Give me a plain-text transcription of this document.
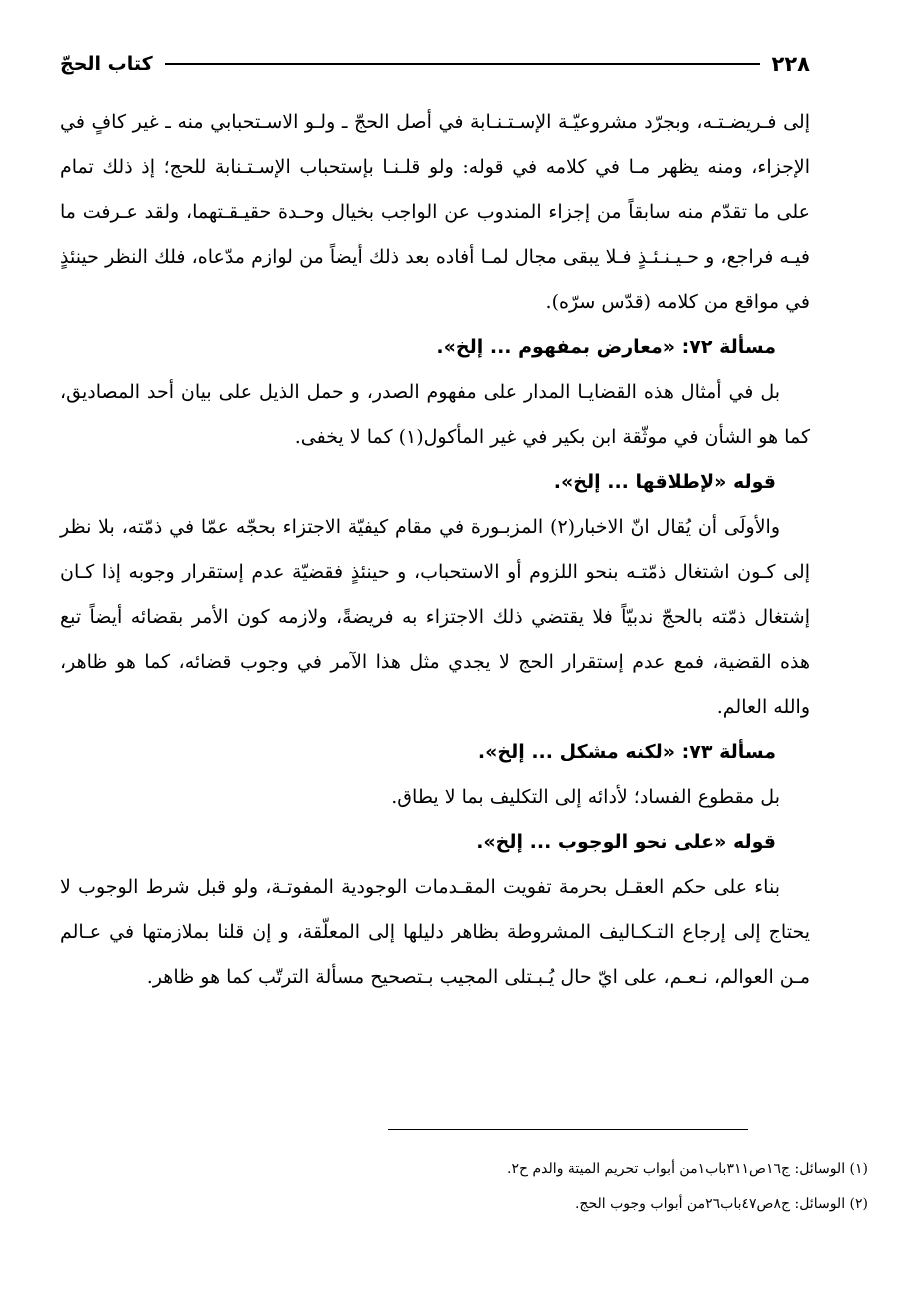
٢٢٨
كتاب الحجّ

إلى فـريضـتـه، وبجرّد مشروعيّـة الإسـتـنـابة في أصل الحجّ ـ ولـو الاسـتحبابي منه ـ غير كافٍ في الإجزاء، ومنه يظهر مـا في كلامه في قوله: ولو قلـنـا بإستحباب الإسـتـنابة للحج؛ إذ ذلك تمام على ما تقدّم منه سابقاً من إجزاء المندوب عن الواجب بخيال وحـدة حقيـقـتهما، ولقد عـرفت ما فيـه فراجع، و حـيـنـئـذٍ فـلا يبقى مجال لمـا أفاده بعد ذلك أيضاً من لوازم مدّعاه، فلك النظر حينئذٍ في مواقع من كلامه (قدّس سرّه).

مسألة ٧٢: «معارض بمفهوم ... إلخ».

بل في أمثال هذه القضايـا المدار على مفهوم الصدر، و حمل الذيل على بيان أحد المصاديق، كما هو الشأن في موثّقة ابن بكير في غير المأكول(١) كما لا يخفى.

قوله «لإطلاقها ... إلخ».

والأولَى أن يُقال انّ الاخبار(٢) المزبـورة في مقام كيفيّة الاجتزاء بحجّه عمّا في ذمّته، بلا نظر إلى كـون اشتغال ذمّتـه بنحو اللزوم أو الاستحباب، و حينئذٍ فقضيّة عدم إستقرار وجوبه إذا كـان إشتغال ذمّته بالحجّ ندبيّاً فلا يقتضي ذلك الاجتزاء به فريضةً، ولازمه كون الأمر بقضائه أيضاً تبع هذه القضية، فمع عدم إستقرار الحج لا يجدي مثل هذا الآمر في وجوب قضائه، كما هو ظاهر، والله العالم.

مسألة ٧٣: «لكنه مشكل ... إلخ».

بل مقطوع الفساد؛ لأدائه إلى التكليف بما لا يطاق.

قوله «على نحو الوجوب ... إلخ».

بناء على حكم العقـل بحرمة تفويت المقـدمات الوجودية المفوتـة، ولو قبل شرط الوجوب لا يحتاج إلى إرجاع التـكـاليف المشروطة بظاهر دليلها إلى المعلّقة، و إن قلنا بملازمتها في عـالم مـن العوالم، نـعـم، على ايّ حال يُـبـتلى المجيب بـتصحيح مسألة الترتّب كما هو ظاهر.

(١) الوسائل: ج١٦ص٣١١باب١من أبواب تحريم الميتة والدم ح٢.
(٢) الوسائل: ج٨ص٤٧باب٢٦من أبواب وجوب الحج.
